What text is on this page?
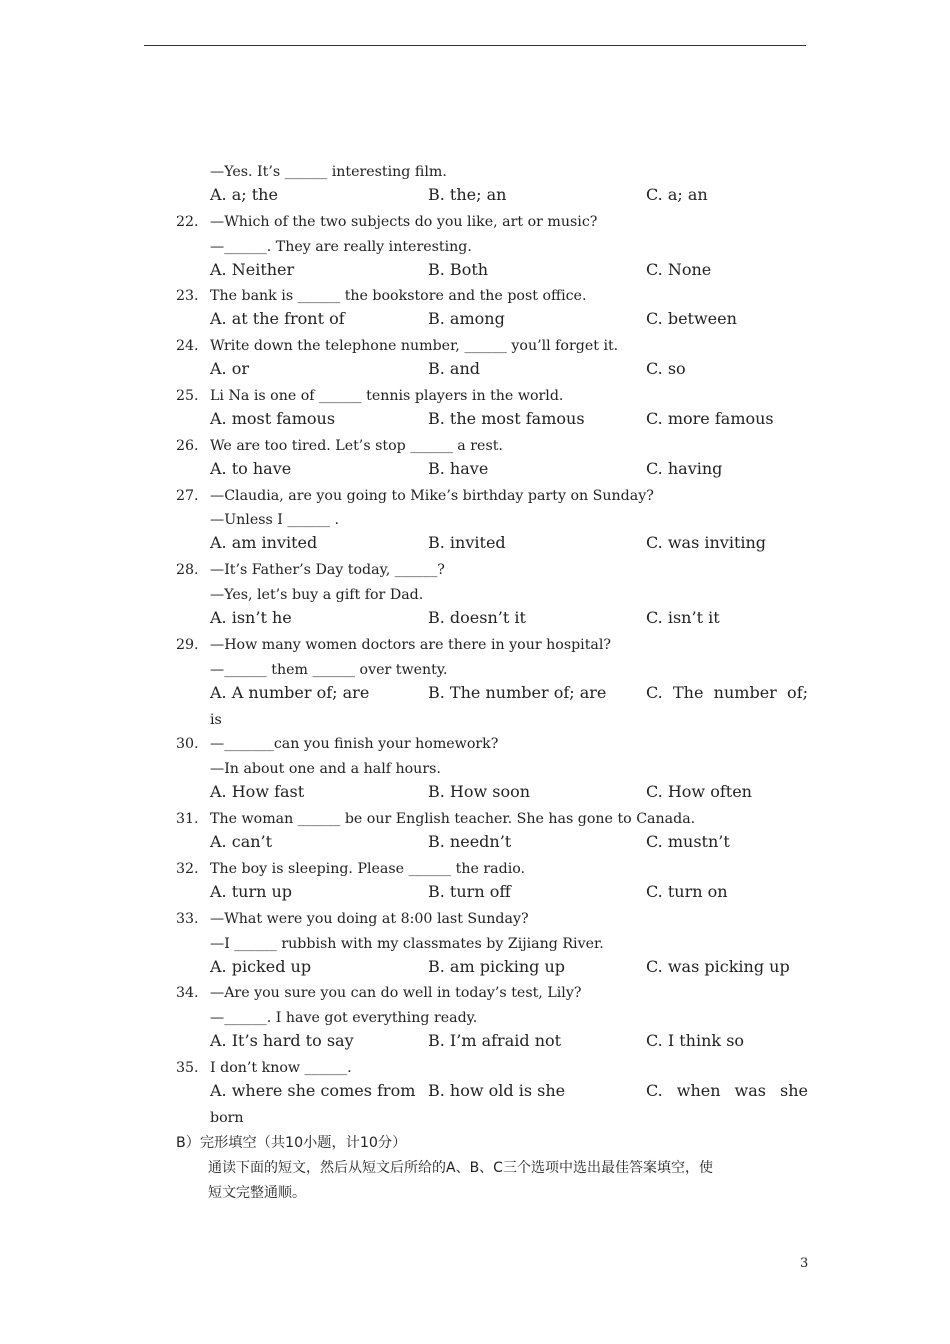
—Yes. It’s ______ interesting film.
A. a; the	B. the; an	C. a; an
22. —Which of the two subjects do you like, art or music?
—______. They are really interesting.
A. Neither	B. Both	C. None
23. The bank is ______ the bookstore and the post office.
A. at the front of	B. among	C. between
24. Write down the telephone number, ______ you’ll forget it.
A. or	B. and	C. so
25. Li Na is one of ______ tennis players in the world.
A. most famous	B. the most famous	C. more famous
26. We are too tired. Let’s stop ______ a rest.
A. to have	B. have	C. having
27. —Claudia, are you going to Mike’s birthday party on Sunday?
—Unless I ______ .
A. am invited	B. invited	C. was inviting
28. —It’s Father’s Day today, ______?
—Yes, let’s buy a gift for Dad.
A. isn’t he	B. doesn’t it	C. isn’t it
29. —How many women doctors are there in your hospital?
—______ them ______ over twenty.
A. A number of; are	B. The number of; are C. The number of;
is
30. —_______can you finish your homework?
—In about one and a half hours.
A. How fast	B. How soon	C. How often
31. The woman ______ be our English teacher. She has gone to Canada.
A. can’t	B. needn’t	C. mustn’t
32. The boy is sleeping. Please ______ the radio.
A. turn up	B. turn off	C. turn on
33. —What were you doing at 8:00 last Sunday?
—I ______ rubbish with my classmates by Zijiang River.
A. picked up	B. am picking up	C. was picking up
34. —Are you sure you can do well in today’s test, Lily?
—______. I have got everything ready.
A. It’s hard to say	B. I’m afraid not	C. I think so
35. I don’t know ______.
A. where she comes from B. how old is she	C. when was she
born
B）完形填空（共10小题，计10分）
通读下面的短文，然后从短文后所给的A、B、C三个选项中选出最佳答案填空，使
短文完整通顺。
3
